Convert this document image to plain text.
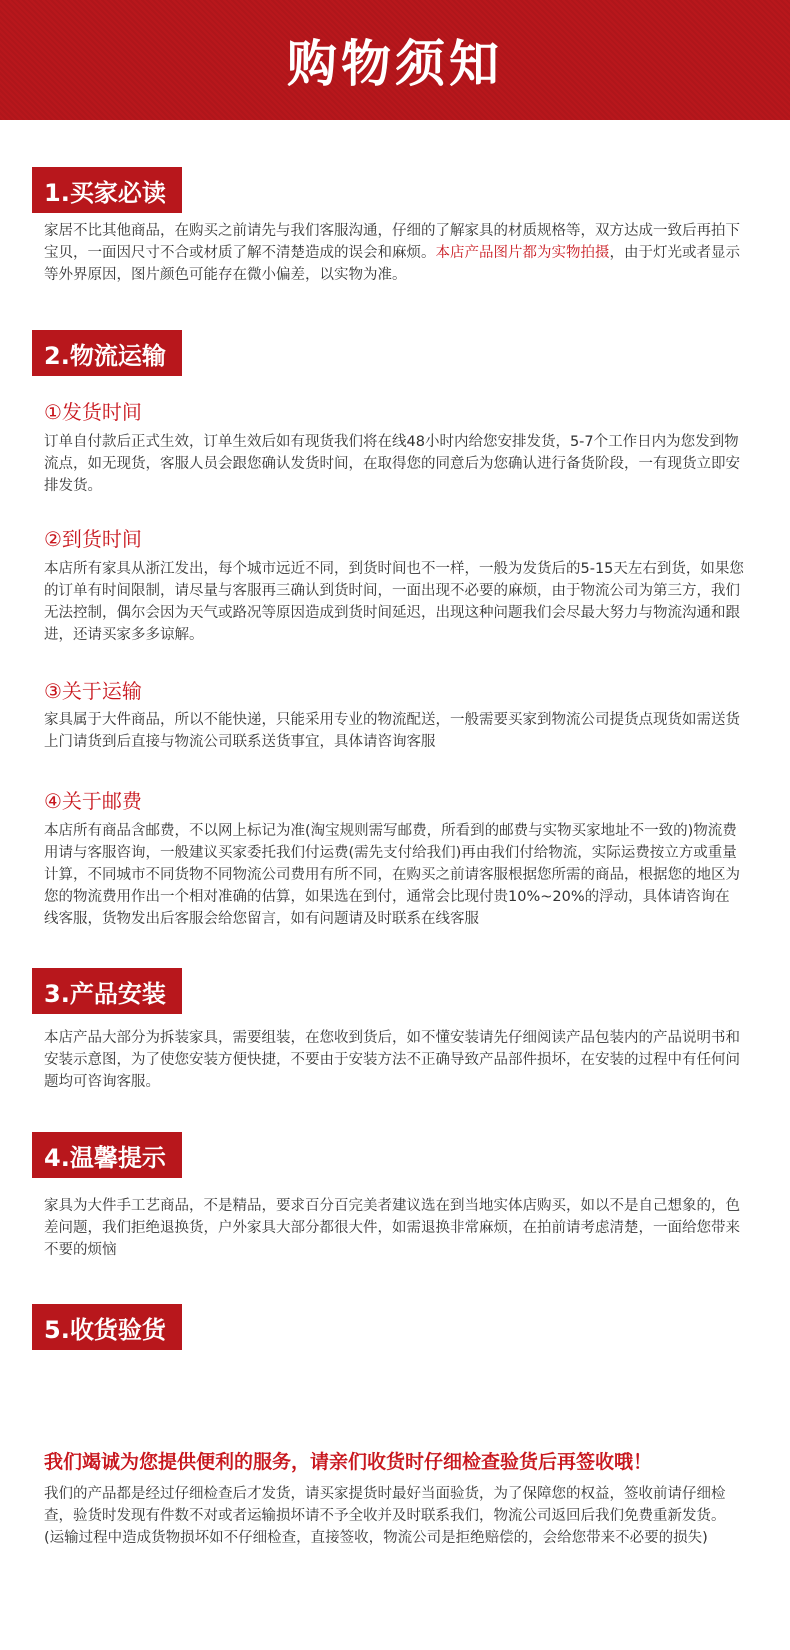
购物须知
1.买家必读
家居不比其他商品，在购买之前请先与我们客服沟通，仔细的了解家具的材质规格等，双方达成一致后再拍下宝贝，一面因尺寸不合或材质了解不清楚造成的误会和麻烦。本店产品图片都为实物拍摄，由于灯光或者显示等外界原因，图片颜色可能存在微小偏差，以实物为准。
2.物流运输
①发货时间
订单自付款后正式生效，订单生效后如有现货我们将在线48小时内给您安排发货，5-7个工作日内为您发到物流点，如无现货，客服人员会跟您确认发货时间，在取得您的同意后为您确认进行备货阶段，一有现货立即安排发货。
②到货时间
本店所有家具从浙江发出，每个城市远近不同，到货时间也不一样，一般为发货后的5-15天左右到货，如果您的订单有时间限制，请尽量与客服再三确认到货时间，一面出现不必要的麻烦，由于物流公司为第三方，我们无法控制，偶尔会因为天气或路况等原因造成到货时间延迟，出现这种问题我们会尽最大努力与物流沟通和跟进，还请买家多多谅解。
③关于运输
家具属于大件商品，所以不能快递，只能采用专业的物流配送，一般需要买家到物流公司提货点现货如需送货上门请货到后直接与物流公司联系送货事宜，具体请咨询客服
④关于邮费
本店所有商品含邮费，不以网上标记为准(淘宝规则需写邮费，所看到的邮费与实物买家地址不一致的)物流费用请与客服咨询，一般建议买家委托我们付运费(需先支付给我们)再由我们付给物流，实际运费按立方或重量计算，不同城市不同货物不同物流公司费用有所不同，在购买之前请客服根据您所需的商品，根据您的地区为您的物流费用作出一个相对准确的估算，如果选在到付，通常会比现付贵10%~20%的浮动，具体请咨询在线客服，货物发出后客服会给您留言，如有问题请及时联系在线客服
3.产品安装
本店产品大部分为拆装家具，需要组装，在您收到货后，如不懂安装请先仔细阅读产品包装内的产品说明书和安装示意图，为了使您安装方便快捷，不要由于安装方法不正确导致产品部件损坏，在安装的过程中有任何问题均可咨询客服。
4.温馨提示
家具为大件手工艺商品，不是精品，要求百分百完美者建议选在到当地实体店购买，如以不是自己想象的，色差问题，我们拒绝退换货，户外家具大部分都很大件，如需退换非常麻烦，在拍前请考虑清楚，一面给您带来不要的烦恼
5.收货验货
我们竭诚为您提供便利的服务，请亲们收货时仔细检查验货后再签收哦！
我们的产品都是经过仔细检查后才发货，请买家提货时最好当面验货，为了保障您的权益，签收前请仔细检查，验货时发现有件数不对或者运输损坏请不予全收并及时联系我们，物流公司返回后我们免费重新发货。(运输过程中造成货物损坏如不仔细检查，直接签收，物流公司是拒绝赔偿的，会给您带来不必要的损失)
